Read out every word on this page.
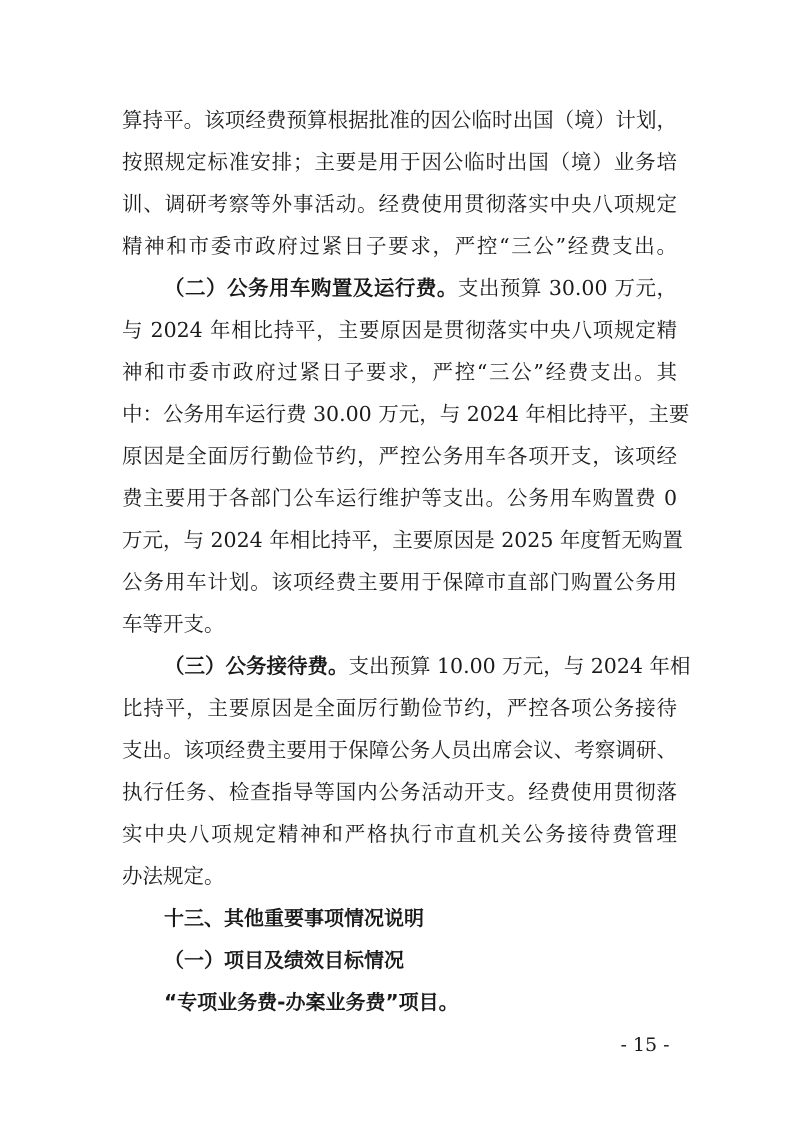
算持平。该项经费预算根据批准的因公临时出国（境）计划，
按照规定标准安排；主要是用于因公临时出国（境）业务培
训、调研考察等外事活动。经费使用贯彻落实中央八项规定
精神和市委市政府过紧日子要求，严控“三公”经费支出。
（二）公务用车购置及运行费。支出预算 30.00 万元，
与 2024 年相比持平，主要原因是贯彻落实中央八项规定精
神和市委市政府过紧日子要求，严控“三公”经费支出。其
中：公务用车运行费 30.00 万元，与 2024 年相比持平，主要
原因是全面厉行勤俭节约，严控公务用车各项开支，该项经
费主要用于各部门公车运行维护等支出。公务用车购置费 0
万元，与 2024 年相比持平，主要原因是 2025 年度暂无购置
公务用车计划。该项经费主要用于保障市直部门购置公务用
车等开支。
（三）公务接待费。支出预算 10.00 万元，与 2024 年相
比持平，主要原因是全面厉行勤俭节约，严控各项公务接待
支出。该项经费主要用于保障公务人员出席会议、考察调研、
执行任务、检查指导等国内公务活动开支。经费使用贯彻落
实中央八项规定精神和严格执行市直机关公务接待费管理
办法规定。
十三、其他重要事项情况说明
（一）项目及绩效目标情况
“专项业务费-办案业务费”项目。
- 15 -
